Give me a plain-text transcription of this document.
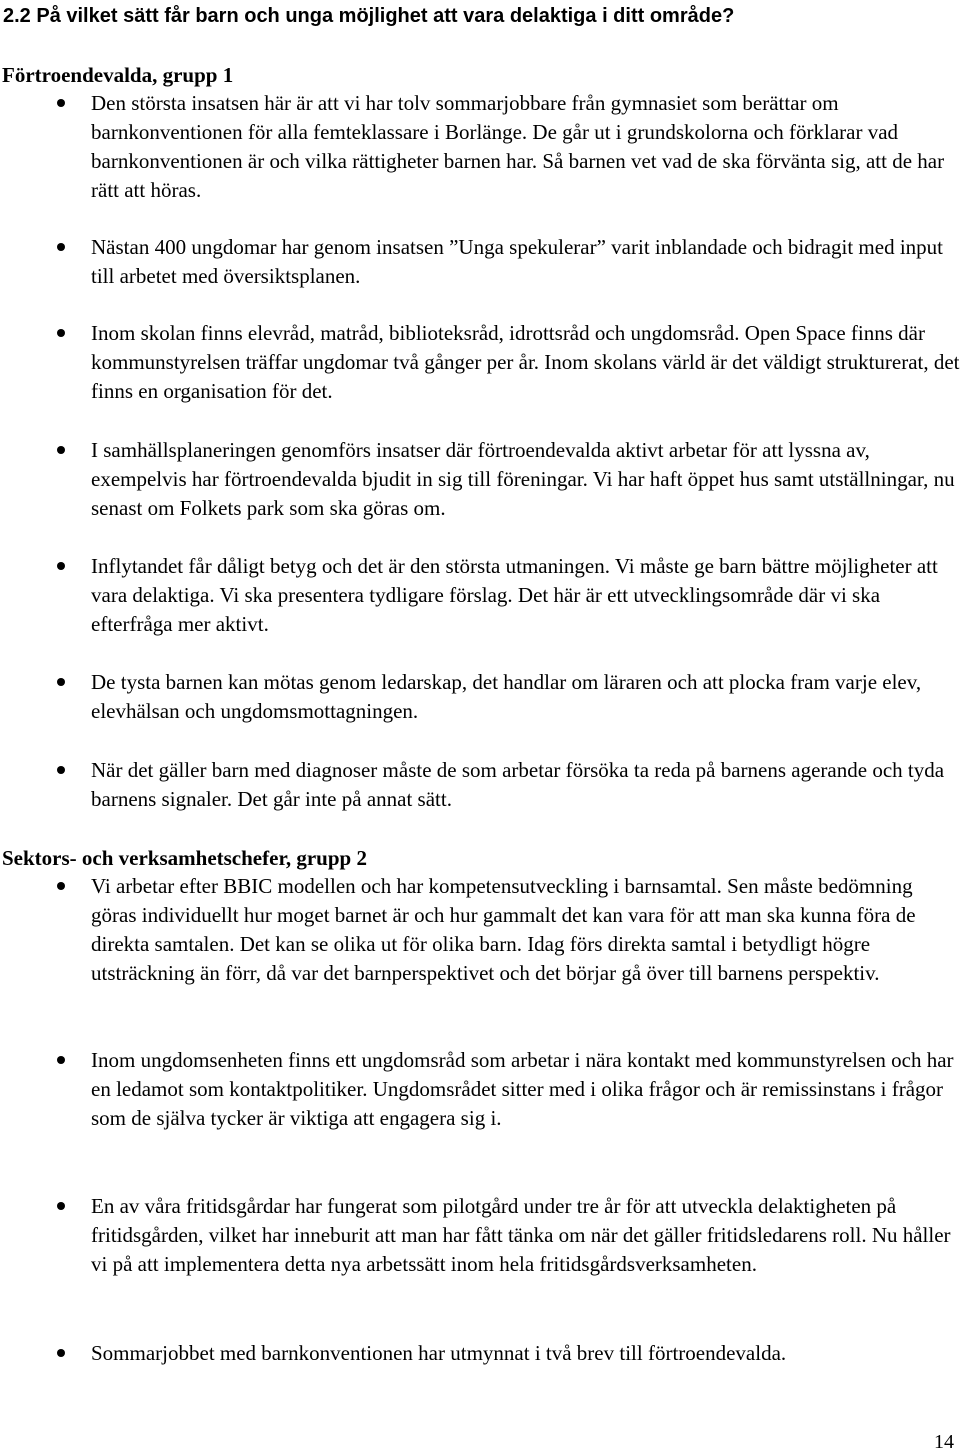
2.2 På vilket sätt får barn och unga möjlighet att vara delaktiga i ditt område?
Förtroendevalda, grupp 1
Den största insatsen här är att vi har tolv sommarjobbare från gymnasiet som berättar om barnkonventionen för alla femteklassare i Borlänge. De går ut i grundskolorna och förklarar vad barnkonventionen är och vilka rättigheter barnen har. Så barnen vet vad de ska förvänta sig, att de har rätt att höras.
Nästan 400 ungdomar har genom insatsen ”Unga spekulerar” varit inblandade och bidragit med input till arbetet med översiktsplanen.
Inom skolan finns elevråd, matråd, biblioteksråd, idrottsråd och ungdomsråd. Open Space finns där kommunstyrelsen träffar ungdomar två gånger per år. Inom skolans värld är det väldigt strukturerat, det finns en organisation för det.
I samhällsplaneringen genomförs insatser där förtroendevalda aktivt arbetar för att lyssna av, exempelvis har förtroendevalda bjudit in sig till föreningar. Vi har haft öppet hus samt utställningar, nu senast om Folkets park som ska göras om.
Inflytandet får dåligt betyg och det är den största utmaningen. Vi måste ge barn bättre möjligheter att vara delaktiga. Vi ska presentera tydligare förslag. Det här är ett utvecklingsområde där vi ska efterfråga mer aktivt.
De tysta barnen kan mötas genom ledarskap, det handlar om läraren och att plocka fram varje elev, elevhälsan och ungdomsmottagningen.
När det gäller barn med diagnoser måste de som arbetar försöka ta reda på barnens agerande och tyda barnens signaler. Det går inte på annat sätt.
Sektors- och verksamhetschefer, grupp 2
Vi arbetar efter BBIC modellen och har kompetensutveckling i barnsamtal. Sen måste bedömning göras individuellt hur moget barnet är och hur gammalt det kan vara för att man ska kunna föra de direkta samtalen. Det kan se olika ut för olika barn. Idag förs direkta samtal i betydligt högre utsträckning än förr, då var det barnperspektivet och det börjar gå över till barnens perspektiv.
Inom ungdomsenheten finns ett ungdomsråd som arbetar i nära kontakt med kommunstyrelsen och har en ledamot som kontaktpolitiker. Ungdomsrådet sitter med i olika frågor och är remissinstans i frågor som de själva tycker är viktiga att engagera sig i.
En av våra fritidsgårdar har fungerat som pilotgård under tre år för att utveckla delaktigheten på fritidsgården, vilket har inneburit att man har fått tänka om när det gäller fritidsledarens roll. Nu håller vi på att implementera detta nya arbetssätt inom hela fritidsgårdsverksamheten.
Sommarjobbet med barnkonventionen har utmynnat i två brev till förtroendevalda.
14
